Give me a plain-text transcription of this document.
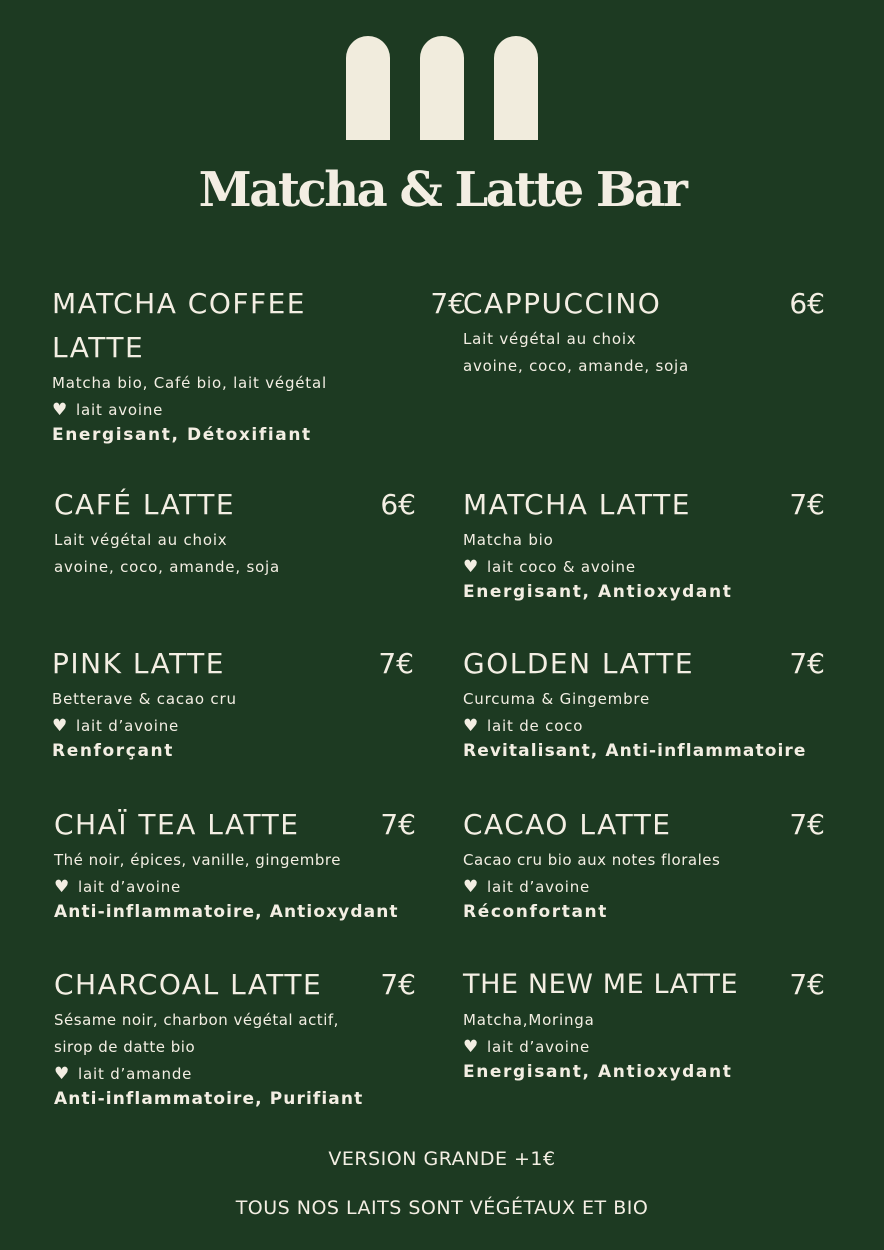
Matcha & Latte Bar
MATCHA COFFEE LATTE
7€
Matcha bio, Café bio, lait végétal
♥ lait avoine
Energisant, Détoxifiant
CAPPUCCINO	6€
Lait végétal au choix
avoine, coco, amande, soja
CAFÉ LATTE	6€
Lait végétal au choix
avoine, coco, amande, soja
MATCHA LATTE	7€
Matcha bio
♥ lait coco & avoine
Energisant, Antioxydant
PINK LATTE	7€
Betterave & cacao cru
♥ lait d’avoine
Renforçant
GOLDEN LATTE	7€
Curcuma & Gingembre
♥ lait de coco
Revitalisant, Anti-inflammatoire
CHAÏ TEA LATTE	7€
Thé noir, épices, vanille, gingembre
♥ lait d’avoine
Anti-inflammatoire, Antioxydant
CACAO LATTE	7€
Cacao cru bio aux notes florales
♥ lait d’avoine
Réconfortant
CHARCOAL LATTE	7€
Sésame noir, charbon végétal actif,
sirop de datte bio
♥ lait d’amande
Anti-inflammatoire, Purifiant
THE NEW ME LATTE	7€
Matcha,Moringa
♥ lait d’avoine
Energisant, Antioxydant
VERSION GRANDE +1€
TOUS NOS LAITS SONT VÉGÉTAUX ET BIO
